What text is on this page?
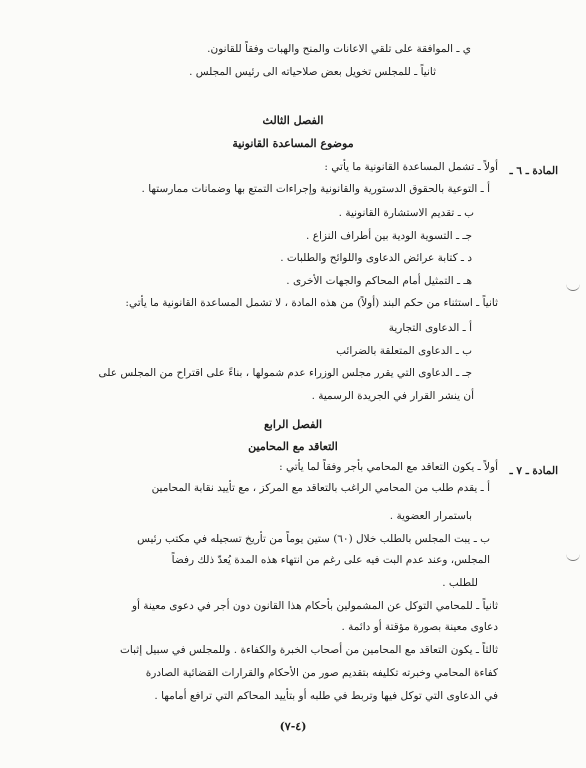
ي ـ الموافقة على تلقي الاعانات والمنح والهبات وفقاً للقانون.
ثانياً ـ للمجلس تخويل بعض صلاحياته الى رئيس المجلس .
الفصل الثالث
موضوع المساعدة القانونية
المادة ـ ٦ ـ
أولاً ـ تشمل المساعدة القانونية ما يأتي :
أ ـ التوعية بالحقوق الدستورية والقانونية وإجراءات التمتع بها وضمانات ممارستها .
ب ـ تقديم الاستشارة القانونية .
جـ ـ التسوية الودية بين أطراف النزاع .
د ـ كتابة عرائض الدعاوى واللوائح والطلبات .
هـ ـ التمثيل أمام المحاكم والجهات الأخرى .
ثانياً ـ استثناء من حكم البند (أولاً) من هذه المادة ، لا تشمل المساعدة القانونية ما يأتي:
أ ـ الدعاوى التجارية
ب ـ الدعاوى المتعلقة بالضرائب
جـ ـ الدعاوى التي يقرر مجلس الوزراء عدم شمولها ، بناءً على اقتراح من المجلس على
أن ينشر القرار في الجريدة الرسمية .
الفصل الرابع
التعاقد مع المحامين
المادة ـ ٧ ـ
أولاً ـ يكون التعاقد مع المحامي بأجر وفقاً لما يأتي :
أ ـ يقدم طلب من المحامي الراغب بالتعاقد مع المركز ، مع تأييد نقابة المحامين
باستمرار العضوية .
ب ـ يبت المجلس بالطلب خلال (٦٠) ستين يوماً من تأريخ تسجيله في مكتب رئيس
المجلس، وعند عدم البت فيه على رغم من انتهاء هذه المدة يُعدّ ذلك رفضاً
للطلب .
ثانياً ـ للمحامي التوكل عن المشمولين بأحكام هذا القانون دون أجر في دعوى معينة أو
دعاوى معينة بصورة مؤقتة أو دائمة .
ثالثاً ـ يكون التعاقد مع المحامين من أصحاب الخبرة والكفاءة . وللمجلس في سبيل إثبات
كفاءة المحامي وخبرته تكليفه بتقديم صور من الأحكام والقرارات القضائية الصادرة
في الدعاوى التي توكل فيها وتربط في طلبه أو بتأييد المحاكم التي ترافع أمامها .
(٤-٧)
